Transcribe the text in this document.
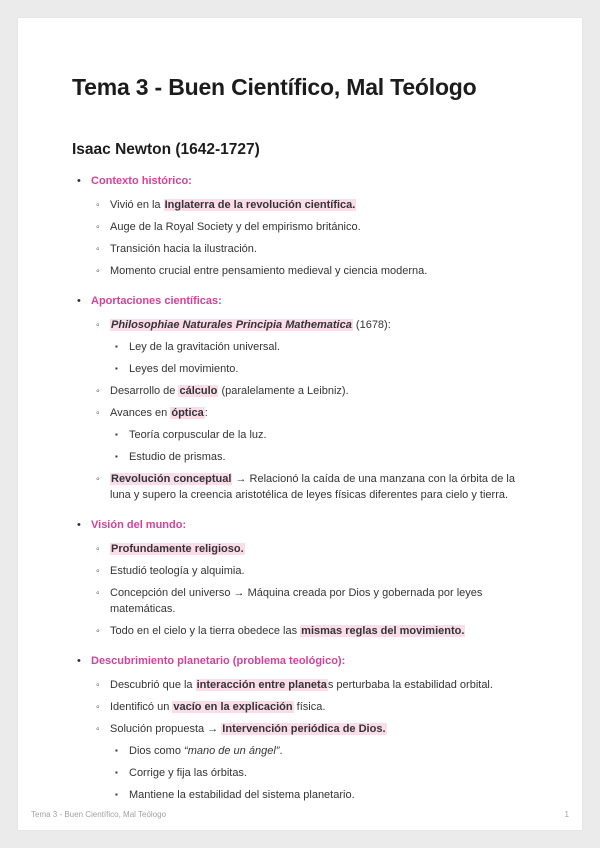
Tema 3 - Buen Científico, Mal Teólogo
Isaac Newton (1642-1727)
• Contexto histórico:
◦ Vivió en la Inglaterra de la revolución científica.
◦ Auge de la Royal Society y del empirismo británico.
◦ Transición hacia la ilustración.
◦ Momento crucial entre pensamiento medieval y ciencia moderna.
• Aportaciones científicas:
◦	Philosophiae Naturales Principia Mathematica (1678):
▪	Ley de la gravitación universal.
▪	Leyes del movimiento.
◦ Desarrollo de cálculo (paralelamente a Leibniz).
◦ Avances en óptica:
▪	Teoría corpuscular de la luz.
▪	Estudio de prismas.
◦	Revolución conceptual → Relacionó la caída de una manzana con la órbita de la luna y supero la creencia aristotélica de leyes físicas diferentes para cielo y tierra.
• Visión del mundo:
◦	Profundamente religioso.
◦ Estudió teología y alquimia.
◦ Concepción del universo → Máquina creada por Dios y gobernada por leyes matemáticas.
◦ Todo en el cielo y la tierra obedece las mismas reglas del movimiento.
• Descubrimiento planetario (problema teológico):
◦ Descubrió que la interacción entre planetas perturbaba la estabilidad orbital.
◦ Identificó un vacío en la explicación física.
◦ Solución propuesta → Intervención periódica de Dios.
▪	Dios como “mano de un ángel”.
▪	Corrige y fija las órbitas.
▪	Mantiene la estabilidad del sistema planetario.
Tema 3 - Buen Científico, Mal Teólogo	1
